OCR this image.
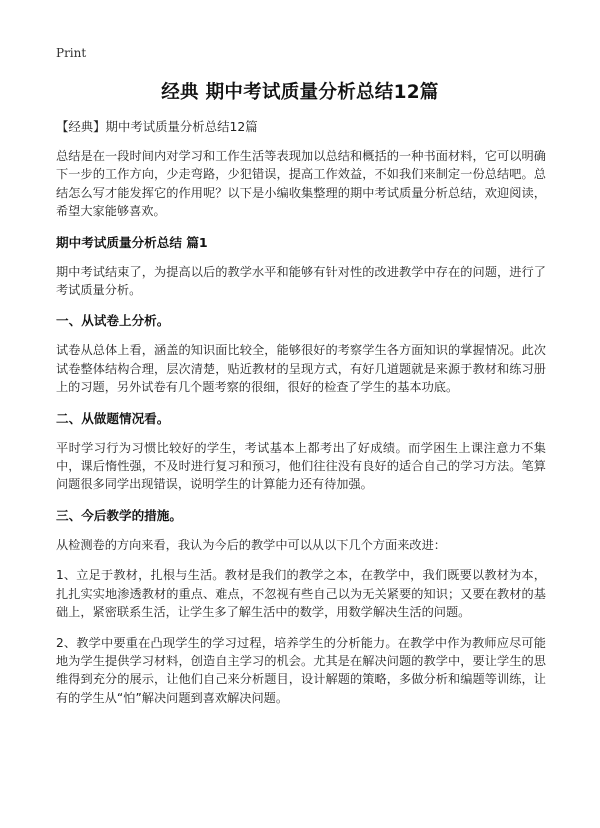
Print
经典 期中考试质量分析总结12篇
【经典】期中考试质量分析总结12篇

总结是在一段时间内对学习和工作生活等表现加以总结和概括的一种书面材料，它可以明确下一步的工作方向，少走弯路，少犯错误，提高工作效益，不如我们来制定一份总结吧。总结怎么写才能发挥它的作用呢？以下是小编收集整理的期中考试质量分析总结，欢迎阅读，希望大家能够喜欢。

期中考试质量分析总结 篇1

期中考试结束了，为提高以后的教学水平和能够有针对性的改进教学中存在的问题，进行了考试质量分析。

一、从试卷上分析。

试卷从总体上看，涵盖的知识面比较全，能够很好的考察学生各方面知识的掌握情况。此次试卷整体结构合理，层次清楚，贴近教材的呈现方式，有好几道题就是来源于教材和练习册上的习题，另外试卷有几个题考察的很细，很好的检查了学生的基本功底。

二、从做题情况看。

平时学习行为习惯比较好的学生，考试基本上都考出了好成绩。而学困生上课注意力不集中，课后惰性强，不及时进行复习和预习，他们往往没有良好的适合自己的学习方法。笔算问题很多同学出现错误，说明学生的计算能力还有待加强。

三、今后教学的措施。

从检测卷的方向来看，我认为今后的教学中可以从以下几个方面来改进：

1、立足于教材，扎根与生活。教材是我们的教学之本，在教学中，我们既要以教材为本，扎扎实实地渗透教材的重点、难点，不忽视有些自己以为无关紧要的知识；又要在教材的基础上，紧密联系生活，让学生多了解生活中的数学，用数学解决生活的问题。

2、教学中要重在凸现学生的学习过程，培养学生的分析能力。在教学中作为教师应尽可能地为学生提供学习材料，创造自主学习的机会。尤其是在解决问题的教学中，要让学生的思维得到充分的展示，让他们自己来分析题目，设计解题的策略，多做分析和编题等训练，让有的学生从“怕”解决问题到喜欢解决问题。
